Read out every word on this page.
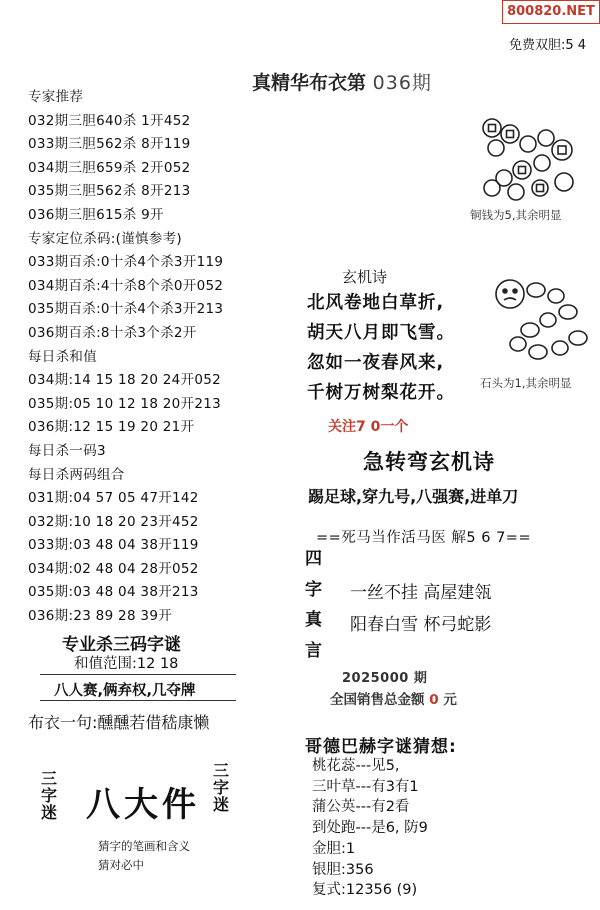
800820.NET
免费双胆:5 4
真精华布衣第 036期
专家推荐
032期三胆640杀 1开452
033期三胆562杀 8开119
034期三胆659杀 2开052
035期三胆562杀 8开213
036期三胆615杀 9开
专家定位杀码:(谨慎参考)
033期百杀:0十杀4个杀3开119
034期百杀:4十杀8个杀0开052
035期百杀:0十杀4个杀3开213
036期百杀:8十杀3个杀2开
每日杀和值
034期:14 15 18 20 24开052
035期:05 10 12 18 20开213
036期:12 15 19 20 21开
每日杀一码3
每日杀两码组合
031期:04 57 05 47开142
032期:10 18 20 23开452
033期:03 48 04 38开119
034期:02 48 04 28开052
035期:03 48 04 38开213
036期:23 89 28 39开
专业杀三码字谜
和值范围:12 18
八人赛,俩弃权,几夺牌
布衣一句:醺醺若借嵇康懒
三字迷 八大件
三字迷
猜字的笔画和含义
猜对必中
铜钱为5,其余明显
石头为1,其余明显
玄机诗
北风卷地白草折,
胡天八月即飞雪。
忽如一夜春风来,
千树万树梨花开。
关注7 0一个
急转弯玄机诗
踢足球,穿九号,八强赛,进单刀
==死马当作活马医 解5 6 7==
四
字
真
言
一丝不挂 高屋建瓴
阳春白雪 杯弓蛇影
2025000 期
全国销售总金额 0 元
哥德巴赫字谜猜想:
桃花蕊---见5,
三叶草---有3有1
蒲公英---有2看
到处跑---是6, 防9
金胆:1
银胆:356
复式:12356 (9)
